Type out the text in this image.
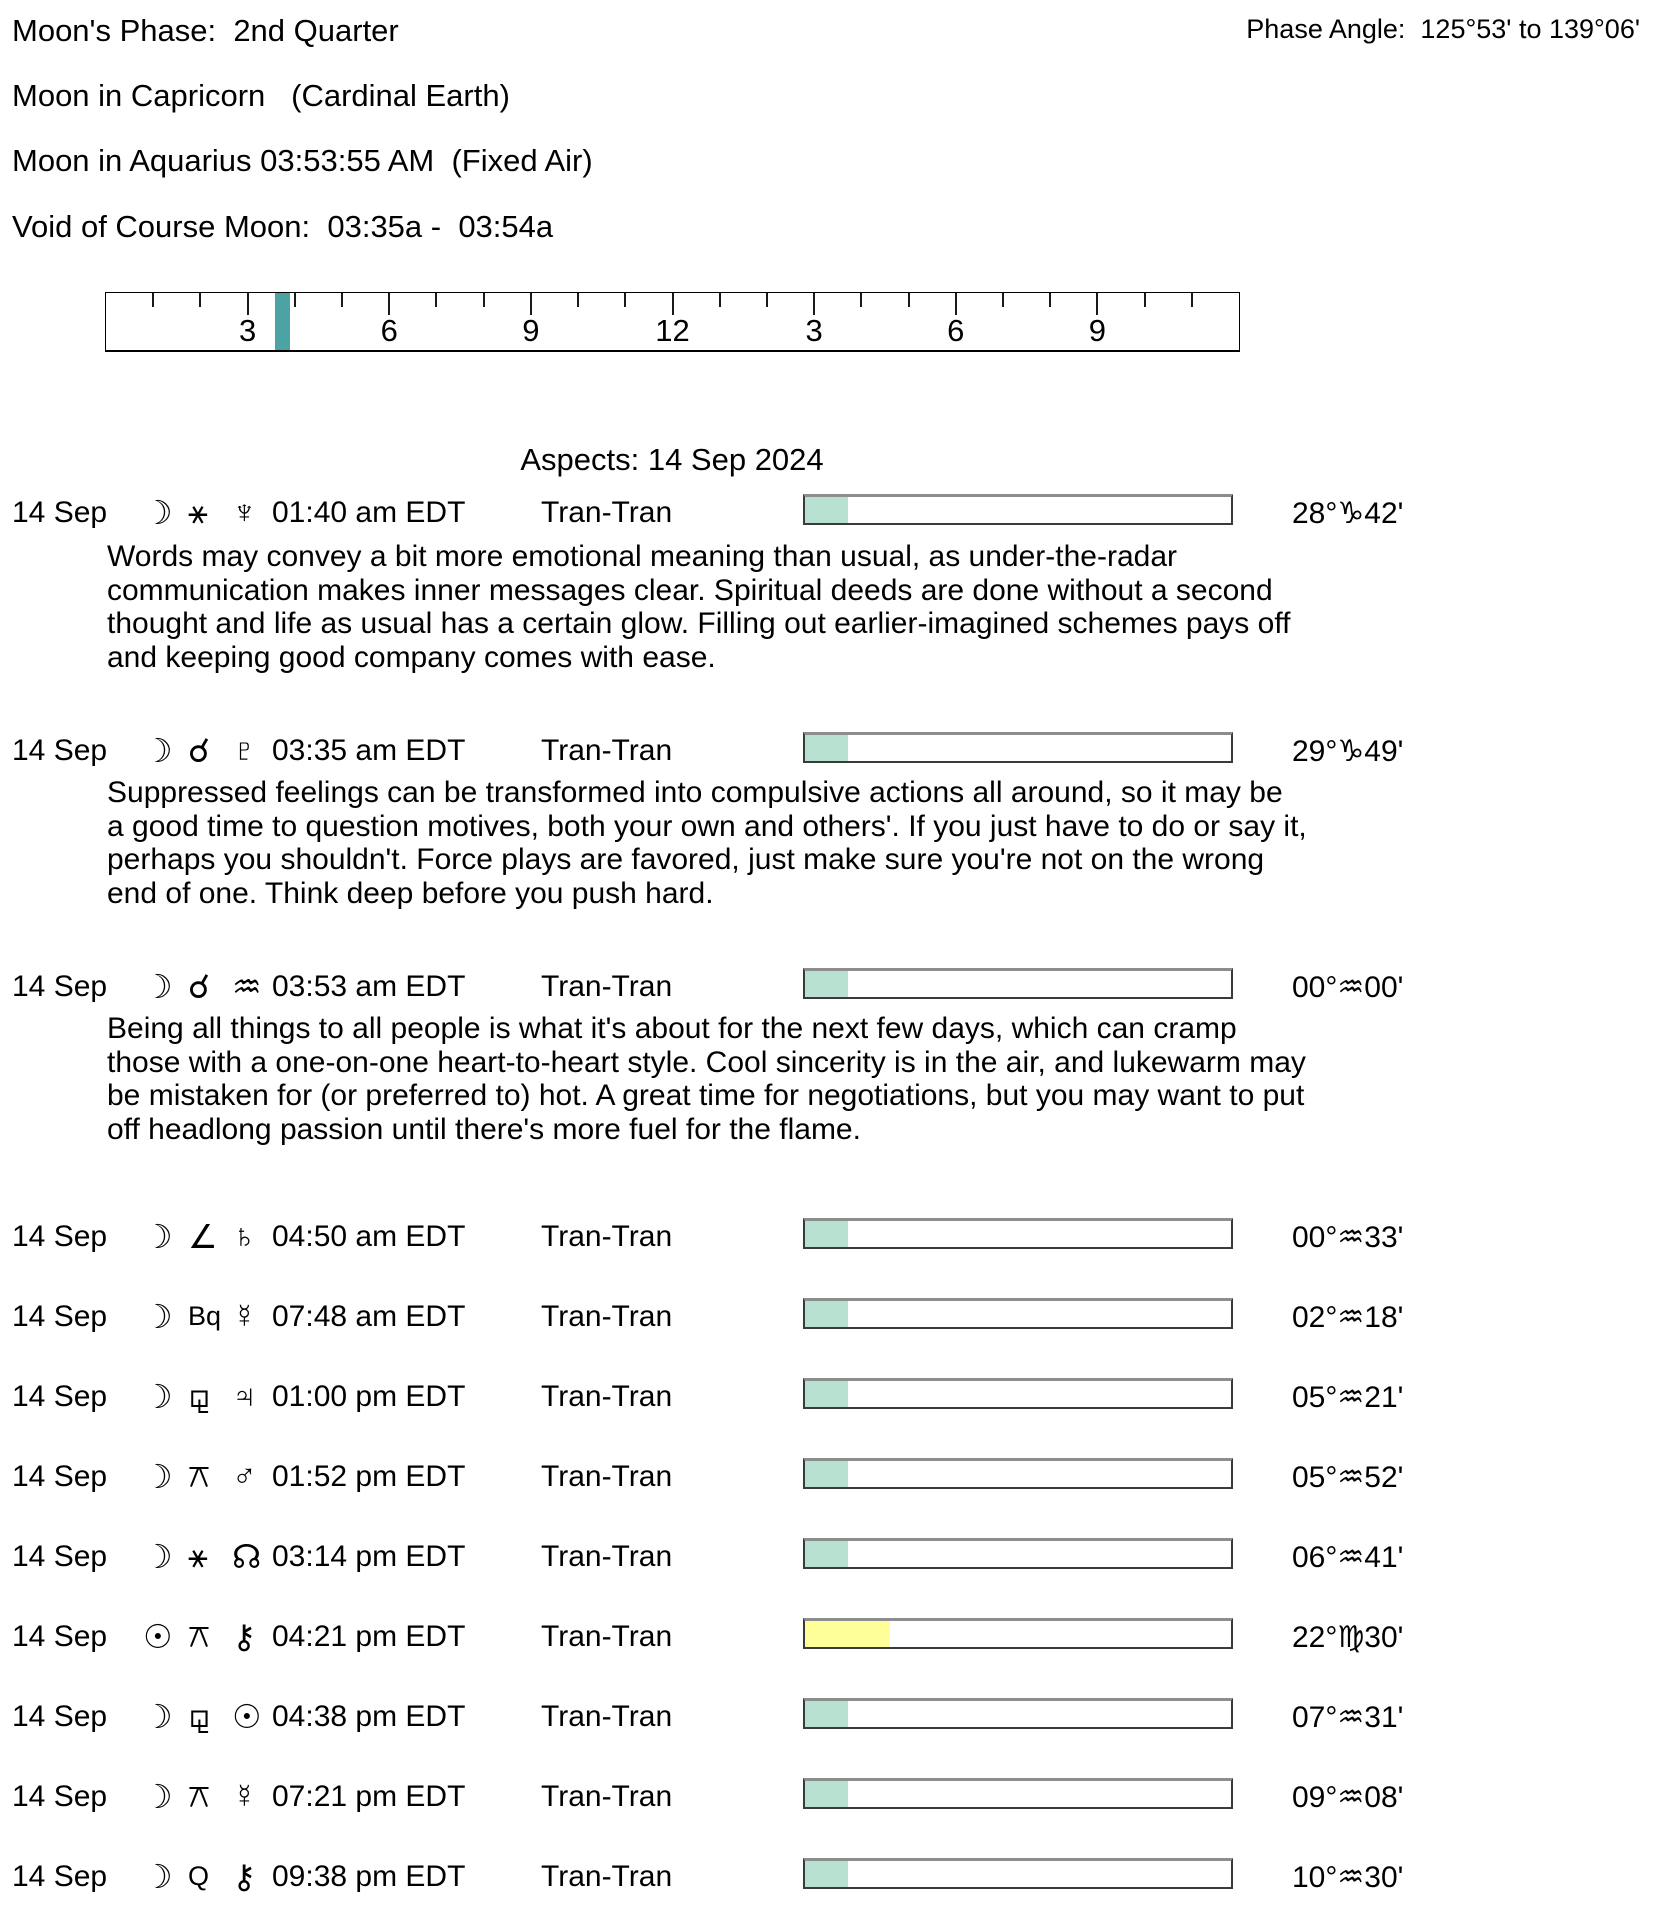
Moon's Phase:  2nd Quarter	Phase Angle:  125°53' to 139°06'
Moon in Capricorn   (Cardinal Earth)
Moon in Aquarius 03:53:55 AM  (Fixed Air)
Void of Course Moon:  03:35a -  03:54a
3	6	9	12	3	6	9
Aspects: 14 Sep 2024
14 Sep ☽ ⚹ ♆ 01:40 am EDT	Tran-Tran	28°♑42'
Words may convey a bit more emotional meaning than usual, as under-the-radar communication makes inner messages clear. Spiritual deeds are done without a second thought and life as usual has a certain glow. Filling out earlier-imagined schemes pays off and keeping good company comes with ease.
14 Sep ☽ ☌ ♇ 03:35 am EDT	Tran-Tran	29°♑49'
Suppressed feelings can be transformed into compulsive actions all around, so it may be a good time to question motives, both your own and others'. If you just have to do or say it, perhaps you shouldn't. Force plays are favored, just make sure you're not on the wrong end of one. Think deep before you push hard.
14 Sep ☽ ☌ ♒ 03:53 am EDT	Tran-Tran	00°♒00'
Being all things to all people is what it's about for the next few days, which can cramp those with a one-on-one heart-to-heart style. Cool sincerity is in the air, and lukewarm may be mistaken for (or preferred to) hot. A great time for negotiations, but you may want to put off headlong passion until there's more fuel for the flame.
14 Sep ☽ ∠ ♄ 04:50 am EDT	Tran-Tran	00°♒33'
14 Sep ☽ Bq ☿ 07:48 am EDT	Tran-Tran	02°♒18'
14 Sep ☽ ⚼ ♃ 01:00 pm EDT	Tran-Tran	05°♒21'
14 Sep ☽ ⚻ ♂ 01:52 pm EDT	Tran-Tran	05°♒52'
14 Sep ☽ ⚹ ☊ 03:14 pm EDT	Tran-Tran	06°♒41'
14 Sep ☉ ⚻ ⚷ 04:21 pm EDT	Tran-Tran	22°♍30'
14 Sep ☽ ⚼ ☉ 04:38 pm EDT	Tran-Tran	07°♒31'
14 Sep ☽ ⚻ ☿ 07:21 pm EDT	Tran-Tran	09°♒08'
14 Sep ☽ Q ⚷ 09:38 pm EDT	Tran-Tran	10°♒30'
